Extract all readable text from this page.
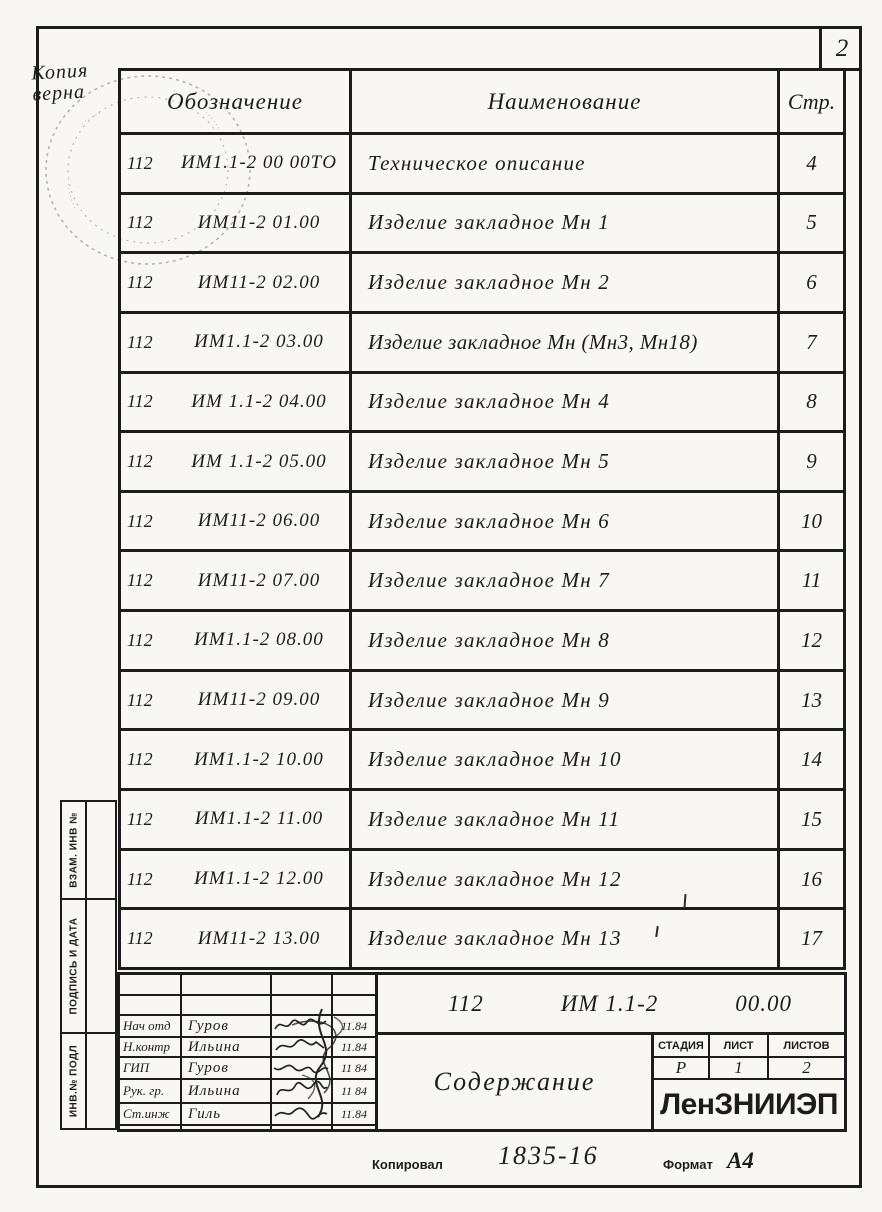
Копия
верна
2
Обозначение	Наименование	Стр.
112	ИМ1.1-2 00 00ТО	Техническое описание	4
112	ИМ11-2 01.00	Изделие закладное Мн 1	5
112	ИМ11-2 02.00	Изделие закладное Мн 2	6
112	ИМ1.1-2 03.00	Изделие закладное Мн (Мн3, Мн18)	7
112	ИМ 1.1-2 04.00	Изделие закладное Мн 4	8
112	ИМ 1.1-2 05.00	Изделие закладное Мн 5	9
112	ИМ11-2 06.00	Изделие закладное Мн 6	10
112	ИМ11-2 07.00	Изделие закладное Мн 7	11
112	ИМ1.1-2 08.00	Изделие закладное Мн 8	12
112	ИМ11-2 09.00	Изделие закладное Мн 9	13
112	ИМ1.1-2 10.00	Изделие закладное Мн 10	14
112	ИМ1.1-2 11.00	Изделие закладное Мн 11	15
112	ИМ1.1-2 12.00	Изделие закладное Мн 12	16
112	ИМ11-2 13.00	Изделие закладное Мн 13	17
ВЗАМ. ИНВ №
ПОДПИСЬ И ДАТА
ИНВ.№ ПОДЛ
Нач отд	Гуров	11.84
Н.контр	Ильина	11.84
ГИП	Гуров	11 84
Рук. гр.	Ильина	11 84
Ст.инж	Гиль	11.84
112	ИМ 1.1-2	00.00
Содержание
СТАДИЯ	ЛИСТ	ЛИСТОВ
Р	1	2
ЛенЗНИИЭП
Копировал 1835-16	Формат А4
